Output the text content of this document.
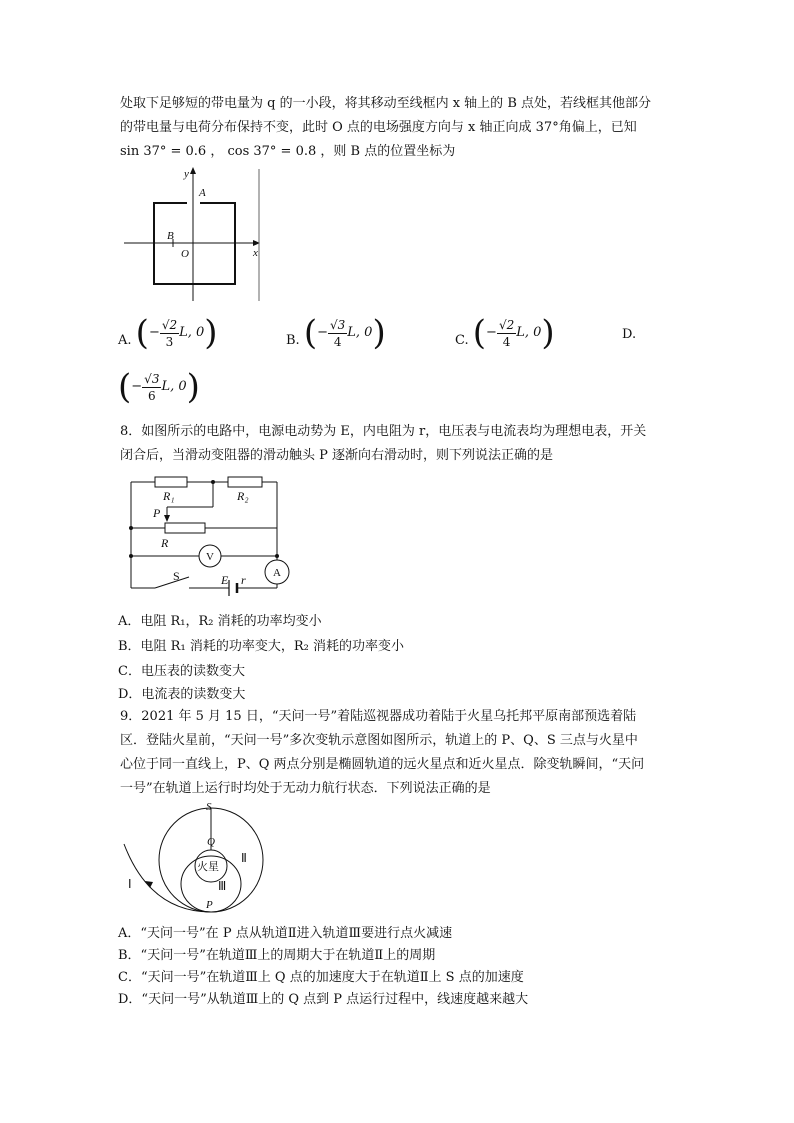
处取下足够短的带电量为 q 的一小段，将其移动至线框内 x 轴上的 B 点处，若线框其他部分
的带电量与电荷分布保持不变，此时 O 点的电场强度方向与 x 轴正向成 37°角偏上，已知
sin 37° = 0.6 ， cos 37° = 0.8 ，则 B 点的位置坐标为
y
x
A
B
O
A. ( − $\frac{√2}{3} L$, 0 )	B. ( − $\frac{√3}{4} L$, 0 )	C. ( − $\frac{√2}{4} L$, 0 )	D.
( − $\frac{√3}{6} L$, 0 )
8．如图所示的电路中，电源电动势为 E，内电阻为 r，电压表与电流表均为理想电表，开关
闭合后，当滑动变阻器的滑动触头 P 逐渐向右滑动时，则下列说法正确的是
R₁	R₂
P
R
V
A
S	E r
A．电阻 R₁，R₂ 消耗的功率均变小
B．电阻 R₁ 消耗的功率变大，R₂ 消耗的功率变小
C．电压表的读数变大
D．电流表的读数变大
9．2021 年 5 月 15 日，“天问一号”着陆巡视器成功着陆于火星乌托邦平原南部预选着陆
区．登陆火星前，“天问一号”多次变轨示意图如图所示，轨道上的 P、Q、S 三点与火星中
心位于同一直线上，P、Q 两点分别是椭圆轨道的远火星点和近火星点．除变轨瞬间，“天问
一号”在轨道上运行时均处于无动力航行状态．下列说法正确的是
S
Q
火星
Ⅱ
Ⅲ
Ⅰ
P
A．“天问一号”在 P 点从轨道Ⅱ进入轨道Ⅲ要进行点火减速
B．“天问一号”在轨道Ⅲ上的周期大于在轨道Ⅱ上的周期
C．“天问一号”在轨道Ⅲ上 Q 点的加速度大于在轨道Ⅱ上 S 点的加速度
D．“天问一号”从轨道Ⅲ上的 Q 点到 P 点运行过程中，线速度越来越大
